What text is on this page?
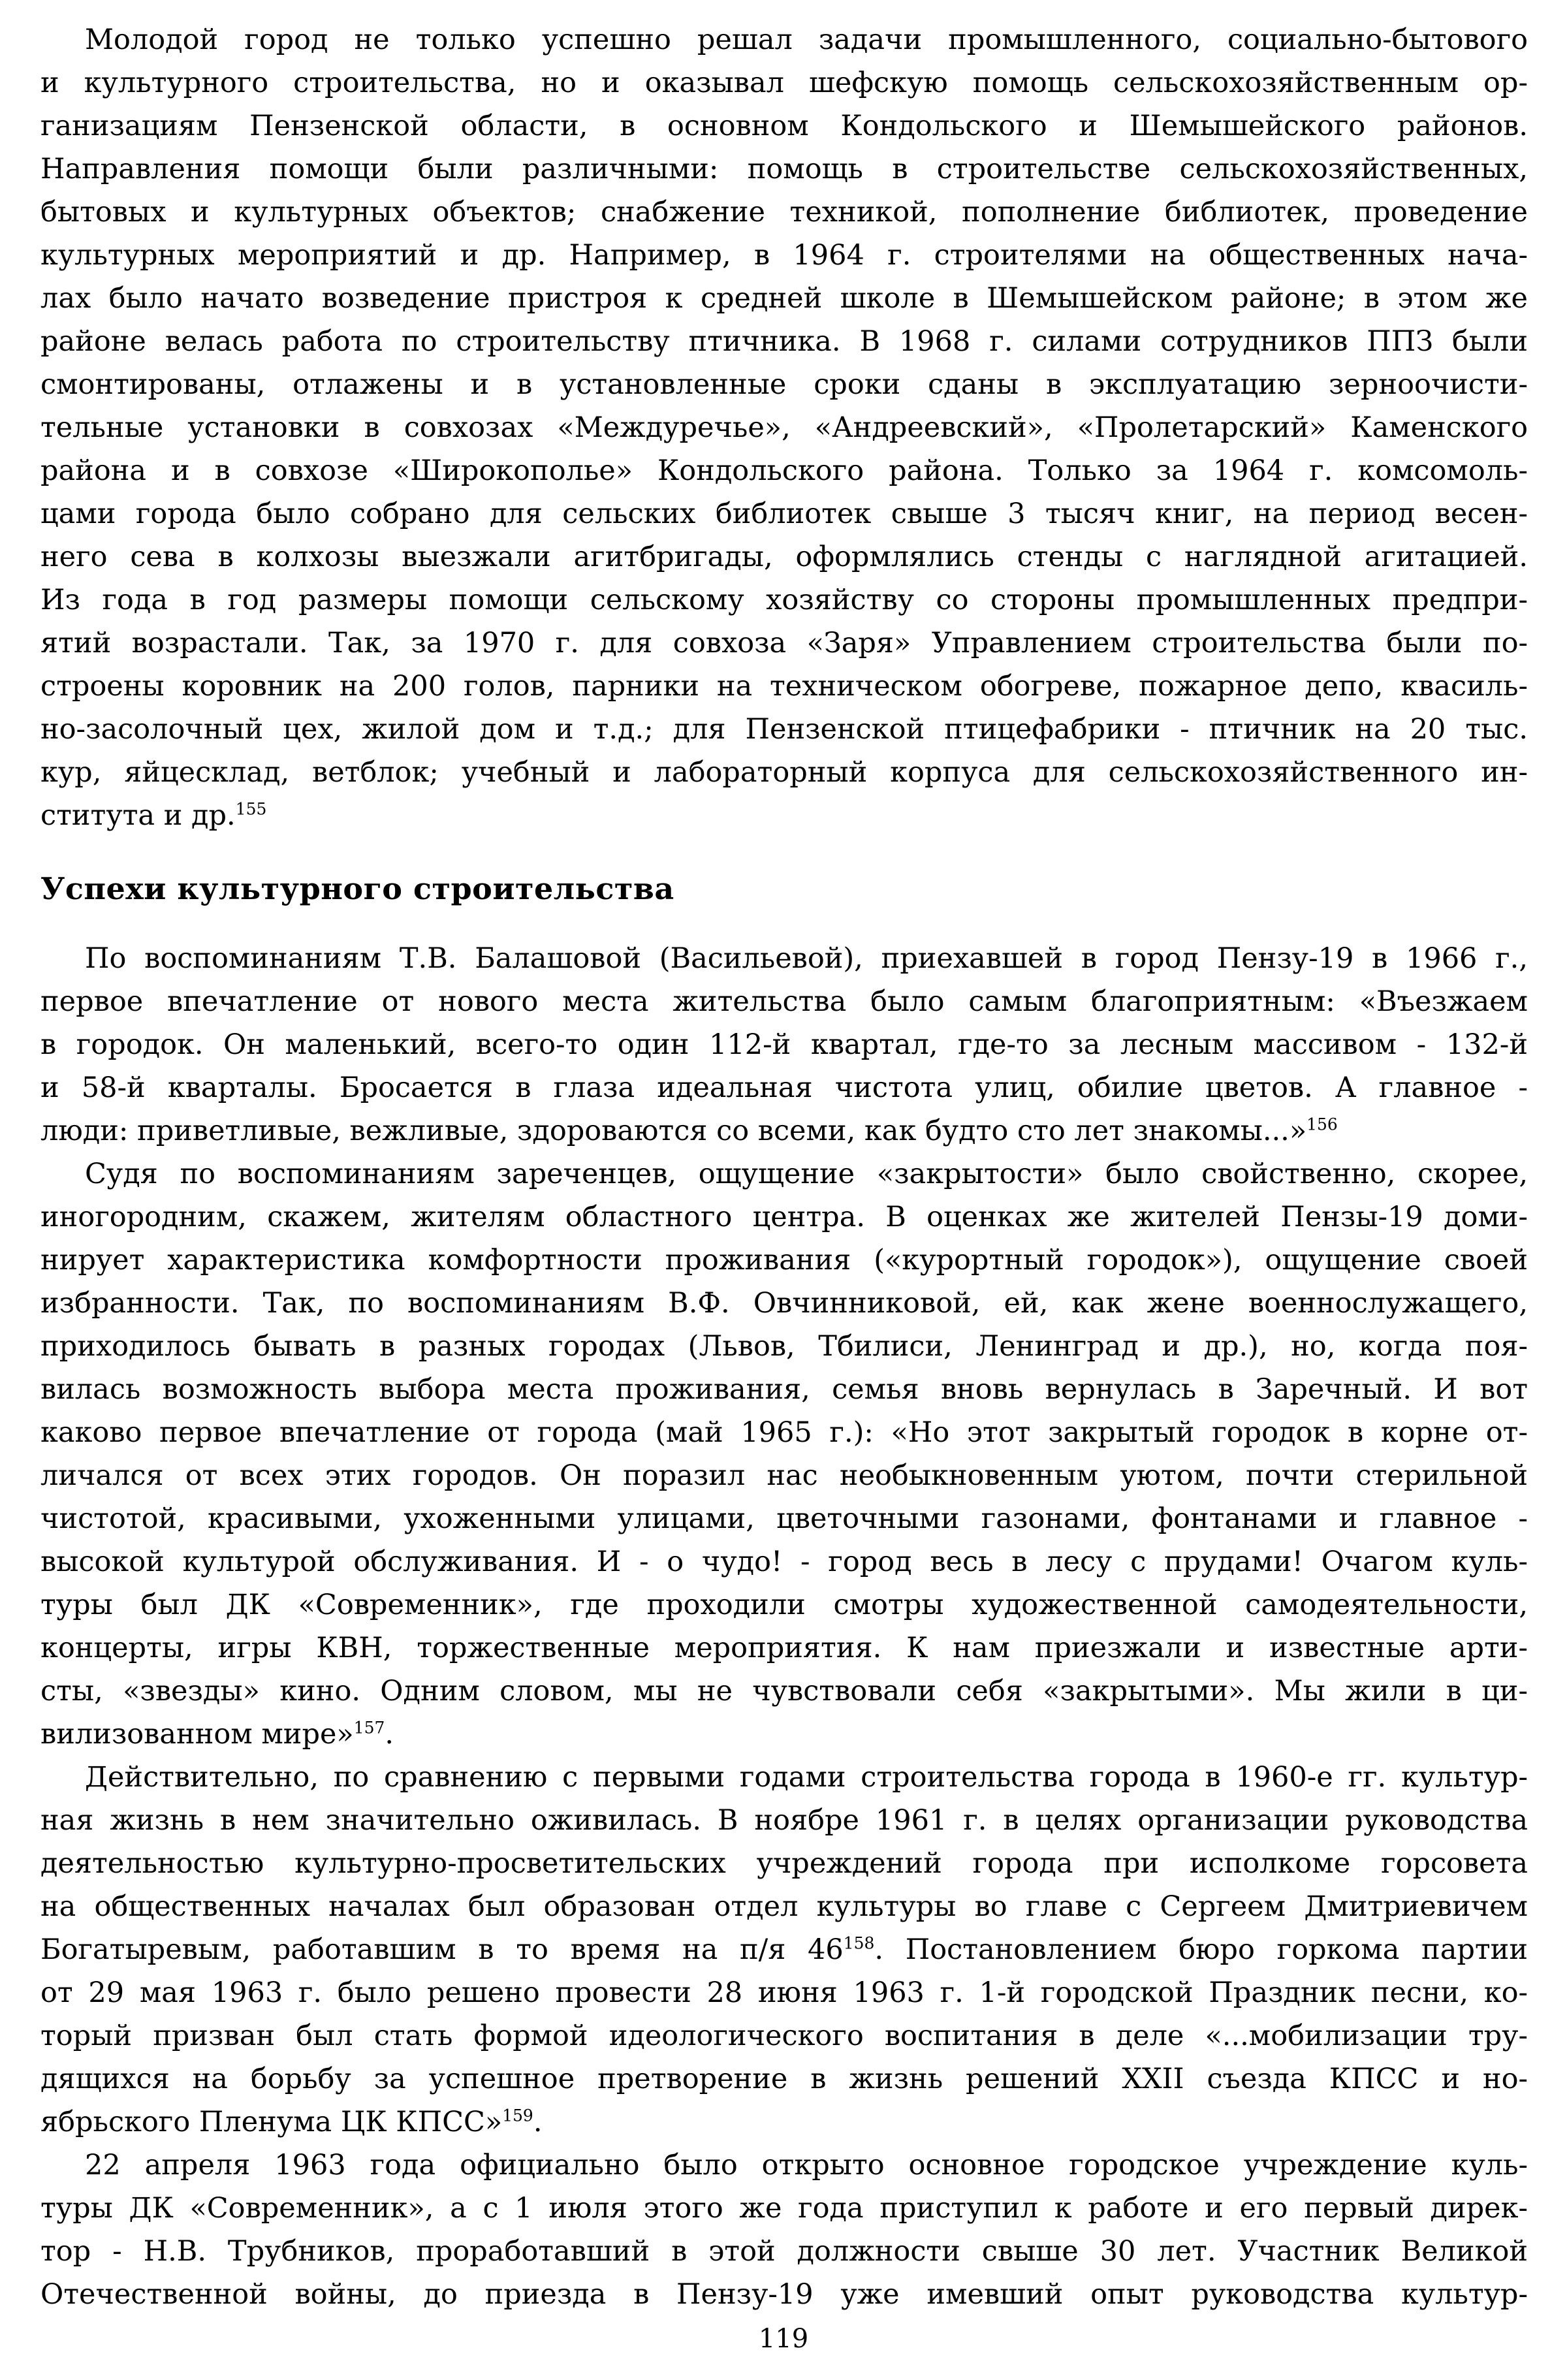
Молодой город не только успешно решал задачи промышленного, социально-бытового
и культурного строительства, но и оказывал шефскую помощь сельскохозяйственным ор-
ганизациям Пензенской области, в основном Кондольского и Шемышейского районов.
Направления помощи были различными: помощь в строительстве сельскохозяйственных,
бытовых и культурных объектов; снабжение техникой, пополнение библиотек, проведение
культурных мероприятий и др. Например, в 1964 г. строителями на общественных нача-
лах было начато возведение пристроя к средней школе в Шемышейском районе; в этом же
районе велась работа по строительству птичника. В 1968 г. силами сотрудников ППЗ были
смонтированы, отлажены и в установленные сроки сданы в эксплуатацию зерноочисти-
тельные установки в совхозах «Междуречье», «Андреевский», «Пролетарский» Каменского
района и в совхозе «Широкополье» Кондольского района. Только за 1964 г. комсомоль-
цами города было собрано для сельских библиотек свыше 3 тысяч книг, на период весен-
него сева в колхозы выезжали агитбригады, оформлялись стенды с наглядной агитацией.
Из года в год размеры помощи сельскому хозяйству со стороны промышленных предпри-
ятий возрастали. Так, за 1970 г. для совхоза «Заря» Управлением строительства были по-
строены коровник на 200 голов, парники на техническом обогреве, пожарное депо, квасиль-
но-засолочный цех, жилой дом и т.д.; для Пензенской птицефабрики - птичник на 20 тыс.
кур, яйцесклад, ветблок; учебный и лабораторный корпуса для сельскохозяйственного ин-
ститута и др.$^{155}$
Успехи культурного строительства
По воспоминаниям Т.В. Балашовой (Васильевой), приехавшей в город Пензу-19 в 1966 г.,
первое впечатление от нового места жительства было самым благоприятным: «Въезжаем
в городок. Он маленький, всего-то один 112-й квартал, где-то за лесным массивом - 132-й
и 58-й кварталы. Бросается в глаза идеальная чистота улиц, обилие цветов. А главное -
люди: приветливые, вежливые, здороваются со всеми, как будто сто лет знакомы...»$^{156}$
Судя по воспоминаниям зареченцев, ощущение «закрытости» было свойственно, скорее,
иногородним, скажем, жителям областного центра. В оценках же жителей Пензы-19 доми-
нирует характеристика комфортности проживания («курортный городок»), ощущение своей
избранности. Так, по воспоминаниям В.Ф. Овчинниковой, ей, как жене военнослужащего,
приходилось бывать в разных городах (Львов, Тбилиси, Ленинград и др.), но, когда поя-
вилась возможность выбора места проживания, семья вновь вернулась в Заречный. И вот
каково первое впечатление от города (май 1965 г.): «Но этот закрытый городок в корне от-
личался от всех этих городов. Он поразил нас необыкновенным уютом, почти стерильной
чистотой, красивыми, ухоженными улицами, цветочными газонами, фонтанами и главное -
высокой культурой обслуживания. И - о чудо! - город весь в лесу с прудами! Очагом куль-
туры был ДК «Современник», где проходили смотры художественной самодеятельности,
концерты, игры КВН, торжественные мероприятия. К нам приезжали и известные арти-
сты, «звезды» кино. Одним словом, мы не чувствовали себя «закрытыми». Мы жили в ци-
вилизованном мире»$^{157}$.
Действительно, по сравнению с первыми годами строительства города в 1960-е гг. культур-
ная жизнь в нем значительно оживилась. В ноябре 1961 г. в целях организации руководства
деятельностью культурно-просветительских учреждений города при исполкоме горсовета
на общественных началах был образован отдел культуры во главе с Сергеем Дмитриевичем
Богатыревым, работавшим в то время на п/я $46^{158}$. Постановлением бюро горкома партии
от 29 мая 1963 г. было решено провести 28 июня 1963 г. 1-й городской Праздник песни, ко-
торый призван был стать формой идеологического воспитания в деле «...мобилизации тру-
дящихся на борьбу за успешное претворение в жизнь решений XXII съезда КПСС и но-
ябрьского Пленума ЦК КПСС»$^{159}$.
22 апреля 1963 года официально было открыто основное городское учреждение куль-
туры ДК «Современник», а с 1 июля этого же года приступил к работе и его первый дирек-
тор - Н.В. Трубников, проработавший в этой должности свыше 30 лет. Участник Великой
Отечественной войны, до приезда в Пензу-19 уже имевший опыт руководства культур-
119
